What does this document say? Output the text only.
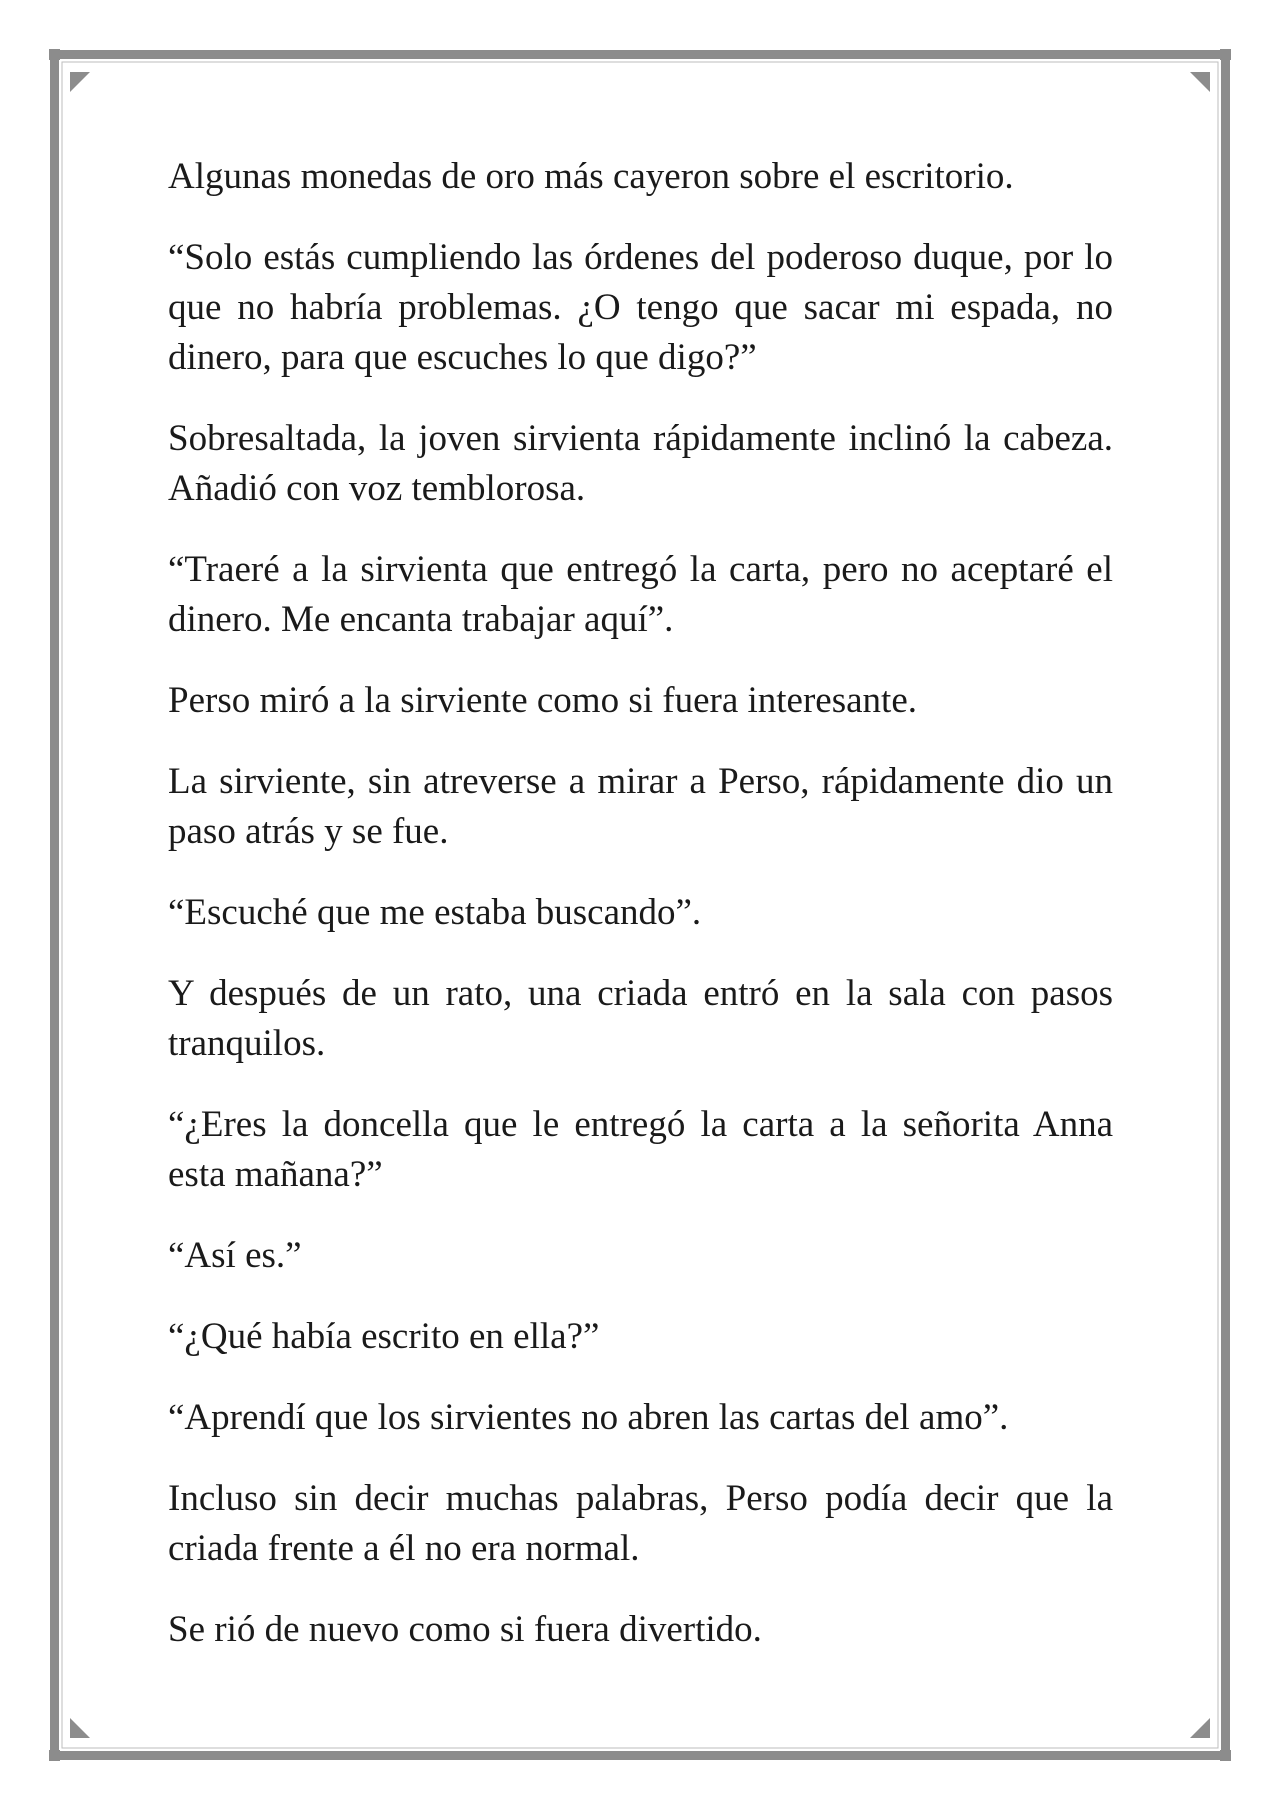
Algunas monedas de oro más cayeron sobre el escritorio.

“Solo estás cumpliendo las órdenes del poderoso duque, por lo que no habría problemas. ¿O tengo que sacar mi espada, no dinero, para que escuches lo que digo?”

Sobresaltada, la joven sirvienta rápidamente inclinó la cabeza. Añadió con voz temblorosa.

“Traeré a la sirvienta que entregó la carta, pero no aceptaré el dinero. Me encanta trabajar aquí”.

Perso miró a la sirviente como si fuera interesante.

La sirviente, sin atreverse a mirar a Perso, rápidamente dio un paso atrás y se fue.

“Escuché que me estaba buscando”.

Y después de un rato, una criada entró en la sala con pasos tranquilos.

“¿Eres la doncella que le entregó la carta a la señorita Anna esta mañana?”

“Así es.”

“¿Qué había escrito en ella?”

“Aprendí que los sirvientes no abren las cartas del amo”.

Incluso sin decir muchas palabras, Perso podía decir que la criada frente a él no era normal.

Se rió de nuevo como si fuera divertido.
